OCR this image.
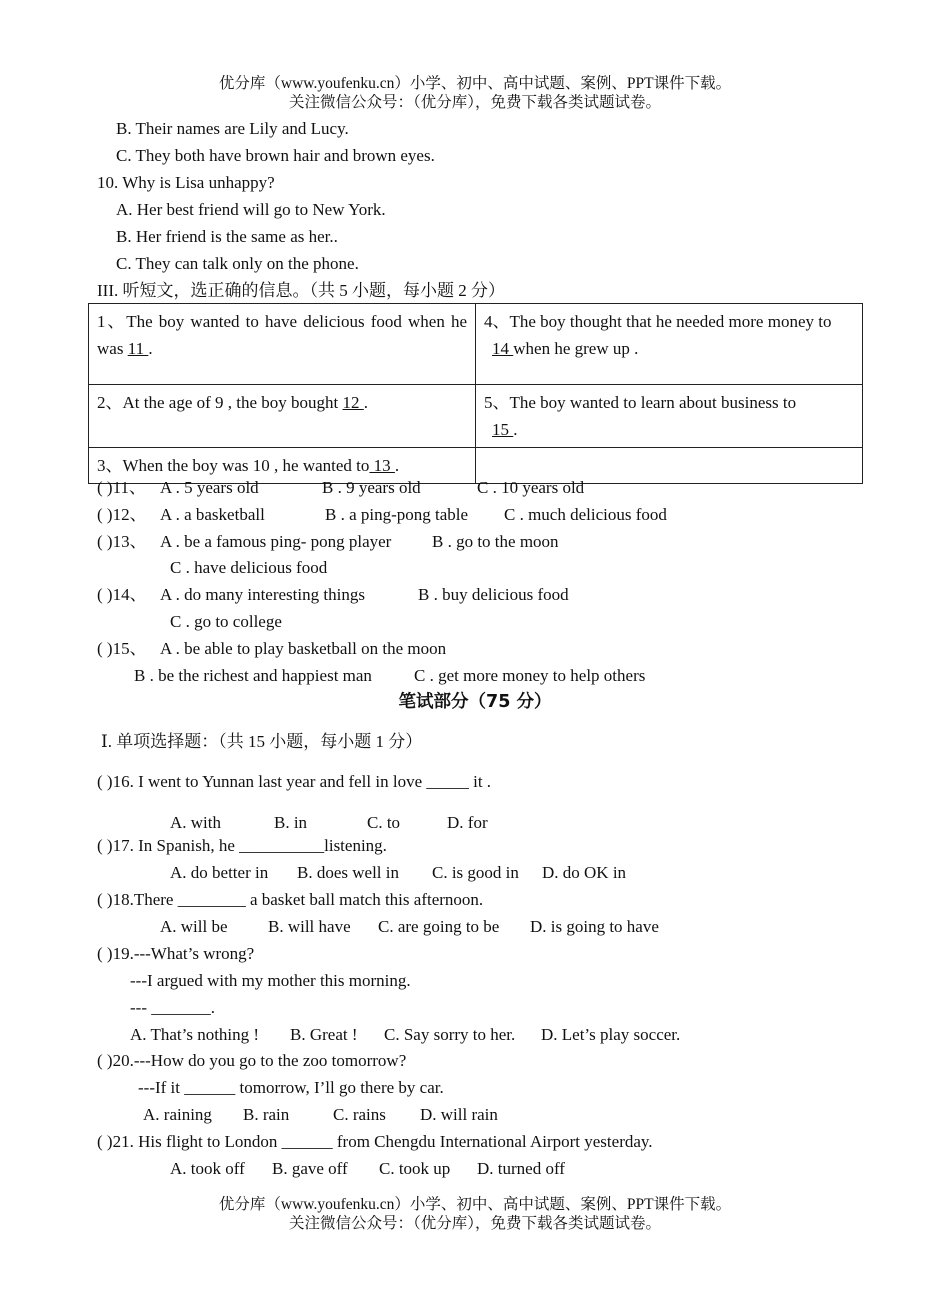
优分库（www.youfenku.cn）小学、初中、高中试题、案例、PPT课件下载。
关注微信公众号：（优分库），免费下载各类试题试卷。
B. Their names are Lily and Lucy.
C. They both have brown hair and brown eyes.
10. Why is Lisa unhappy?
A. Her best friend will go to New York.
B. Her friend is the same as her..
C. They can talk only on the phone.
III. 听短文，选正确的信息。（共 5 小题，每小题 2 分）
1、The boy wanted to have delicious food when he was 11 .	4、The boy thought that he needed more money to
14 when he grew up .
2、At the age of 9 , the boy bought 12 .	5、The boy wanted to learn about business to
15 .
3、When the boy was 10 , he wanted to 13 .	
( )11、 A . 5 years old	B . 9 years old	C . 10 years old
( )12、 A . a basketball	B . a ping-pong table C . much delicious food
( )13、 A . be a famous ping- pong player B . go to the moon
C . have delicious food
( )14、 A . do many interesting things	B . buy delicious food
C . go to college
( )15、 A . be able to play basketball on the moon
B . be the richest and happiest man C . get more money to help others
笔试部分（75 分）
Ⅰ. 单项选择题：（共 15 小题，每小题 1 分）
( )16. I went to Yunnan last year and fell in love _____ it .
A. with	B. in	C. to	D. for
( )17. In Spanish, he __________listening.
A. do better in B. does well in C. is good in D. do OK in
( )18.There ________ a basket ball match this afternoon.
A. will be B. will have C. are going to be D. is going to have
( )19.---What’s wrong?
---I argued with my mother this morning.
--- _______.
A. That’s nothing ! B. Great ! C. Say sorry to her. D. Let’s play soccer.
( )20.---How do you go to the zoo tomorrow?
---If it ______ tomorrow, I’ll go there by car.
A. raining B. rain	C. rains D. will rain
( )21. His flight to London ______ from Chengdu International Airport yesterday.
A. took off B. gave off C. took up D. turned off
优分库（www.youfenku.cn）小学、初中、高中试题、案例、PPT课件下载。
关注微信公众号：（优分库），免费下载各类试题试卷。
